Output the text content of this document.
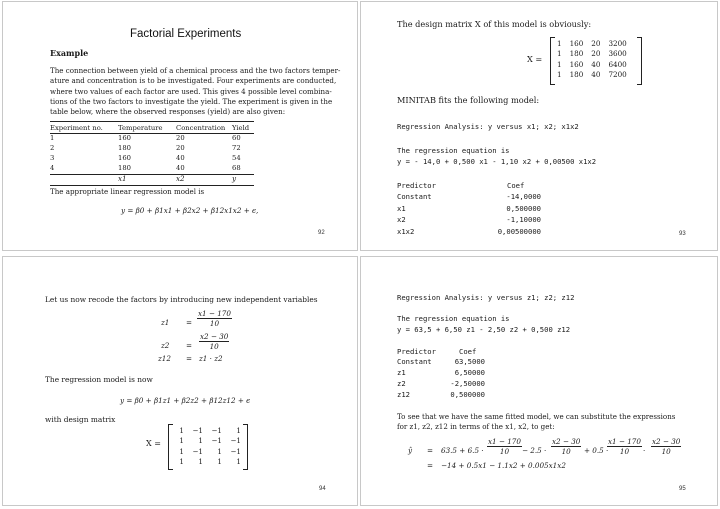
Factorial Experiments
Example
The connection between yield of a chemical process and the two factors temper-
ature and concentration is to be investigated. Four experiments are conducted,
where two values of each factor are used. This gives 4 possible level combina-
tions of the two factors to investigate the yield. The experiment is given in the
table below, where the observed responses (yield) are also given:
Experiment no.	Temperature	Concentration	Yield
1	160	20	60
2	180	20	72
3	160	40	54
4	180	40	68
	x1	x2	y
The appropriate linear regression model is
y = β0 + β1x1 + β2x2 + β12x1x2 + ϵ,
92
The design matrix X of this model is obviously:
X =
1	160	20	3200
1	180	20	3600
1	160	40	6400
1	180	40	7200
MINITAB fits the following model:
Regression Analysis: y versus x1; x2; x1x2
The regression equation is
y = - 14,0 + 0,500 x1 - 1,10 x2 + 0,00500 x1x2
Predictor	Coef
Constant	-14,0000
x1	0,500000
x2	-1,10000
x1x2	0,00500000	93
Let us now recode the factors by introducing new independent variables
$z1 = \frac{x1 - 170}{10}$
$z2 = \frac{x2 - 30}{10}$
z12 = z1 · z2
The regression model is now
y = β0 + β1z1 + β2z2 + β12z12 + ϵ
with design matrix
X =
1	−1	−1	1
1	1	−1	−1
1	−1	1	−1
1	1	1	1
94
Regression Analysis: y versus z1; z2; z12
The regression equation is
y = 63,5 + 6,50 z1 - 2,50 z2 + 0,500 z12
Predictor	Coef
Constant	63,5000
z1	6,50000
z2	-2,50000
z12	0,500000
To see that we have the same fitted model, we can substitute the expressions
for z1, z2, z12 in terms of the x1, x2, to get:
ŷ = $63.5 + 6.5 \cdot \frac{x1 - 170}{10} - 2.5 \cdot \frac{x2 - 30}{10} + 0.5$ ·
$\frac{x1 - 170}{10} \cdot \frac{x2 - 30}{10}$
= −14 + 0.5x1 − 1.1x2 + 0.005x1x2
95
